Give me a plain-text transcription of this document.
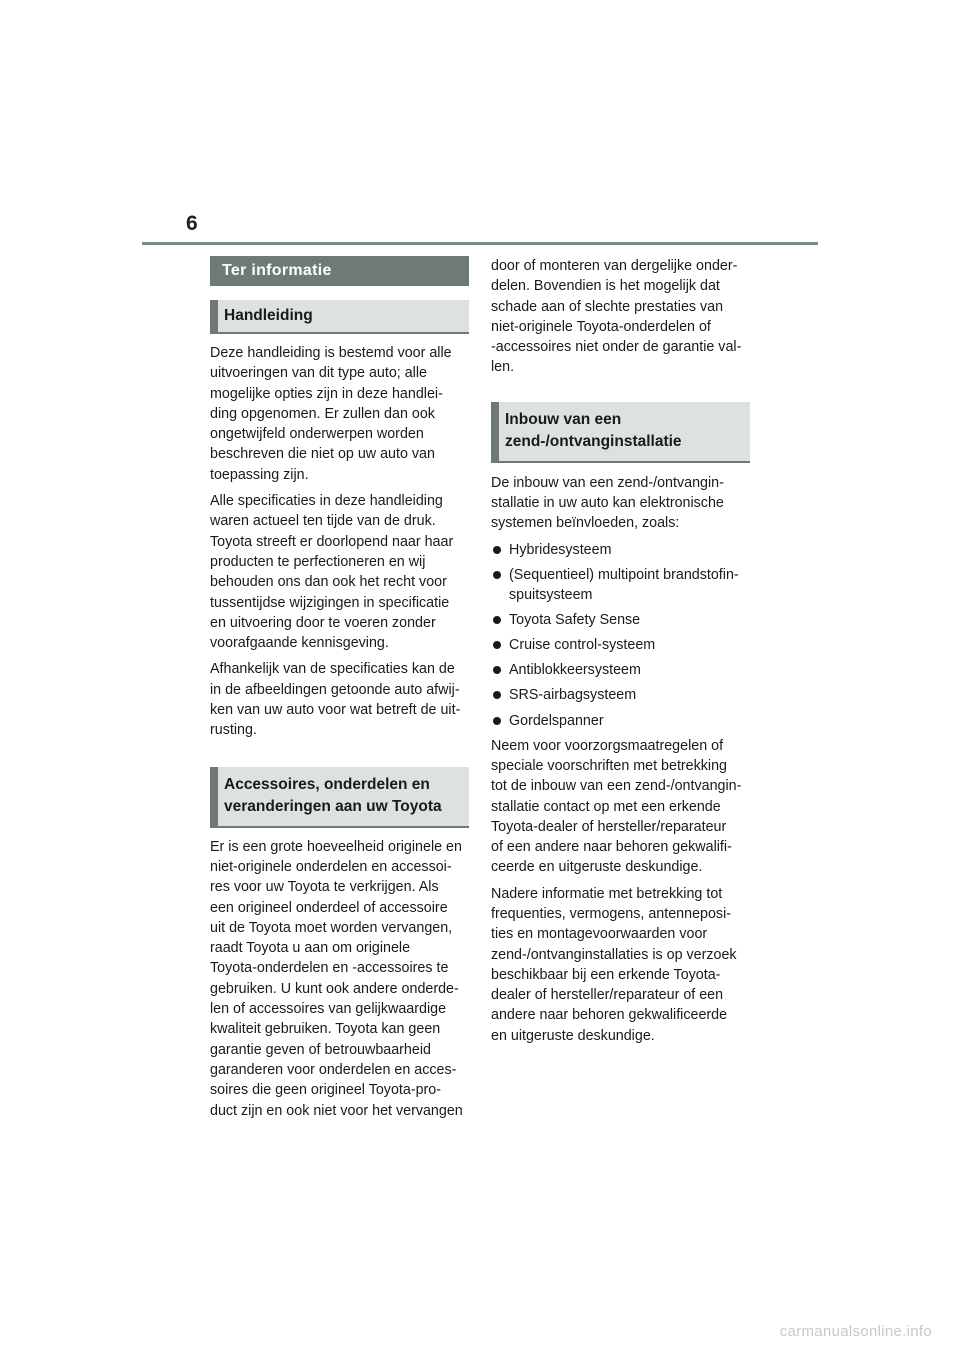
6
Ter informatie
Handleiding

Deze handleiding is bestemd voor alle
uitvoeringen van dit type auto; alle
mogelijke opties zijn in deze handlei-
ding opgenomen. Er zullen dan ook
ongetwijfeld onderwerpen worden
beschreven die niet op uw auto van
toepassing zijn.

Alle specificaties in deze handleiding
waren actueel ten tijde van de druk.
Toyota streeft er doorlopend naar haar
producten te perfectioneren en wij
behouden ons dan ook het recht voor
tussentijdse wijzigingen in specificatie
en uitvoering door te voeren zonder
voorafgaande kennisgeving.

Afhankelijk van de specificaties kan de
in de afbeeldingen getoonde auto afwij-
ken van uw auto voor wat betreft de uit-
rusting.

Accessoires, onderdelen en
veranderingen aan uw Toyota

Er is een grote hoeveelheid originele en
niet-originele onderdelen en accessoi-
res voor uw Toyota te verkrijgen. Als
een origineel onderdeel of accessoire
uit de Toyota moet worden vervangen,
raadt Toyota u aan om originele
Toyota-onderdelen en -accessoires te
gebruiken. U kunt ook andere onderde-
len of accessoires van gelijkwaardige
kwaliteit gebruiken. Toyota kan geen
garantie geven of betrouwbaarheid
garanderen voor onderdelen en acces-
soires die geen origineel Toyota-pro-
duct zijn en ook niet voor het vervangen

door of monteren van dergelijke onder-
delen. Bovendien is het mogelijk dat
schade aan of slechte prestaties van
niet-originele Toyota-onderdelen of
-accessoires niet onder de garantie val-
len.

Inbouw van een
zend-/ontvanginstallatie

De inbouw van een zend-/ontvangin-
stallatie in uw auto kan elektronische
systemen beïnvloeden, zoals:

Hybridesysteem
(Sequentieel) multipoint brandstofin-
spuitsysteem
Toyota Safety Sense
Cruise control-systeem
Antiblokkeersysteem
SRS-airbagsysteem
Gordelspanner

Neem voor voorzorgsmaatregelen of
speciale voorschriften met betrekking
tot de inbouw van een zend-/ontvangin-
stallatie contact op met een erkende
Toyota-dealer of hersteller/reparateur
of een andere naar behoren gekwalifi-
ceerde en uitgeruste deskundige.

Nadere informatie met betrekking tot
frequenties, vermogens, antenneposi-
ties en montagevoorwaarden voor
zend-/ontvanginstallaties is op verzoek
beschikbaar bij een erkende Toyota-
dealer of hersteller/reparateur of een
andere naar behoren gekwalificeerde
en uitgeruste deskundige.

carmanualsonline.info
